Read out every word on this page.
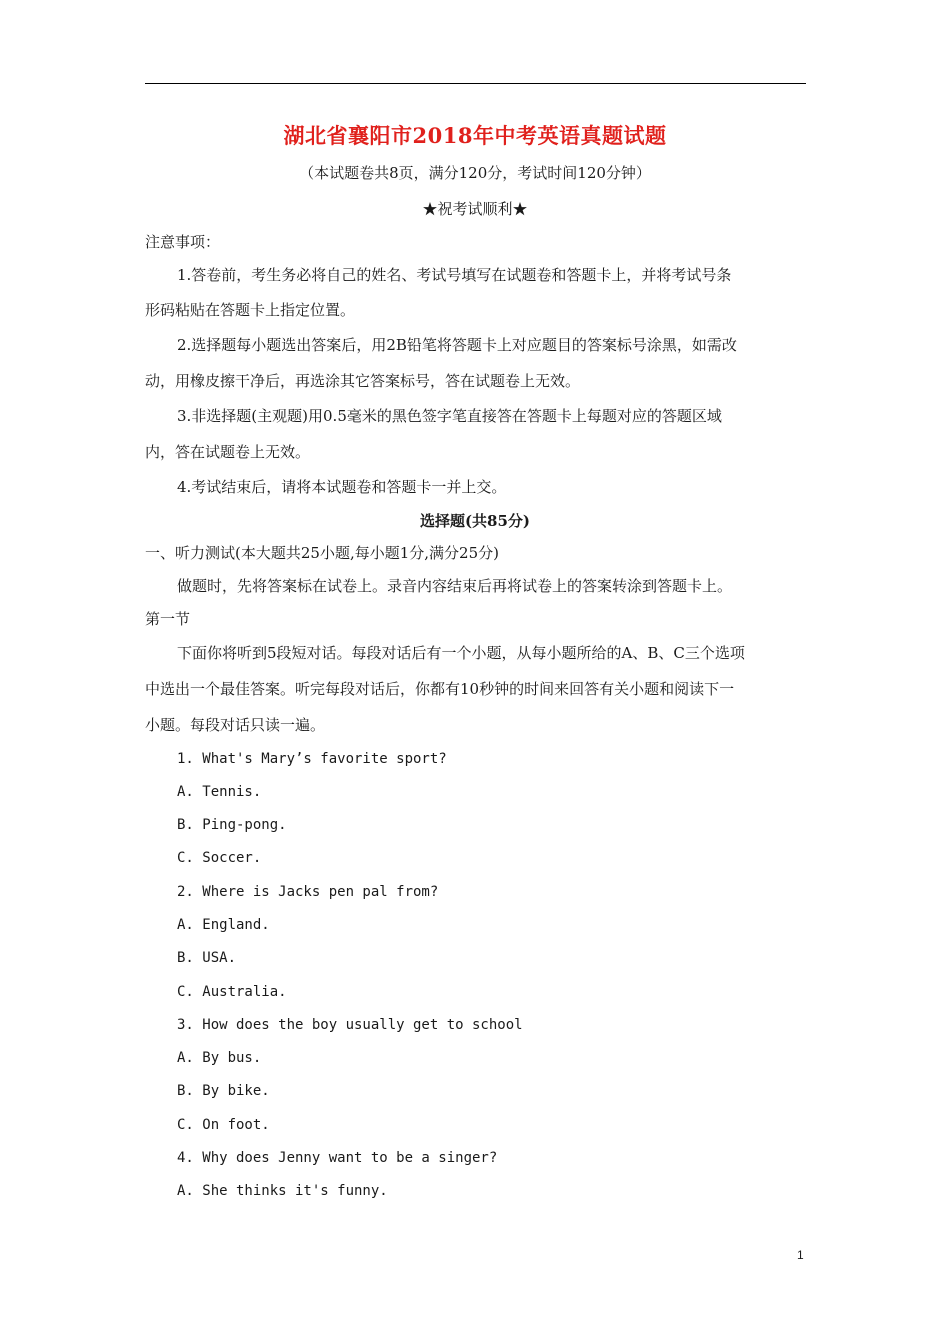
湖北省襄阳市2018年中考英语真题试题
（本试题卷共8页，满分120分，考试时间120分钟）
★祝考试顺利★
注意事项：
1.答卷前，考生务必将自己的姓名、考试号填写在试题卷和答题卡上，并将考试号条
形码粘贴在答题卡上指定位置。
2.选择题每小题选出答案后，用2B铅笔将答题卡上对应题目的答案标号涂黑，如需改
动，用橡皮擦干净后，再选涂其它答案标号，答在试题卷上无效。
3.非选择题(主观题)用0.5毫米的黑色签字笔直接答在答题卡上每题对应的答题区域
内，答在试题卷上无效。
4.考试结束后，请将本试题卷和答题卡一并上交。
选择题(共85分)
一、听力测试(本大题共25小题,每小题1分,满分25分)
做题时，先将答案标在试卷上。录音内容结束后再将试卷上的答案转涂到答题卡上。
第一节
下面你将听到5段短对话。每段对话后有一个小题，从每小题所给的A、B、C三个选项
中选出一个最佳答案。听完每段对话后，你都有10秒钟的时间来回答有关小题和阅读下一
小题。每段对话只读一遍。
1. What's Mary’s favorite sport?
A. Tennis.
B. Ping-pong.
C. Soccer.
2. Where is Jacks pen pal from?
A. England.
B. USA.
C. Australia.
3. How does the boy usually get to school
A. By bus.
B. By bike.
C. On foot.
4. Why does Jenny want to be a singer?
A. She thinks it's funny.
1
